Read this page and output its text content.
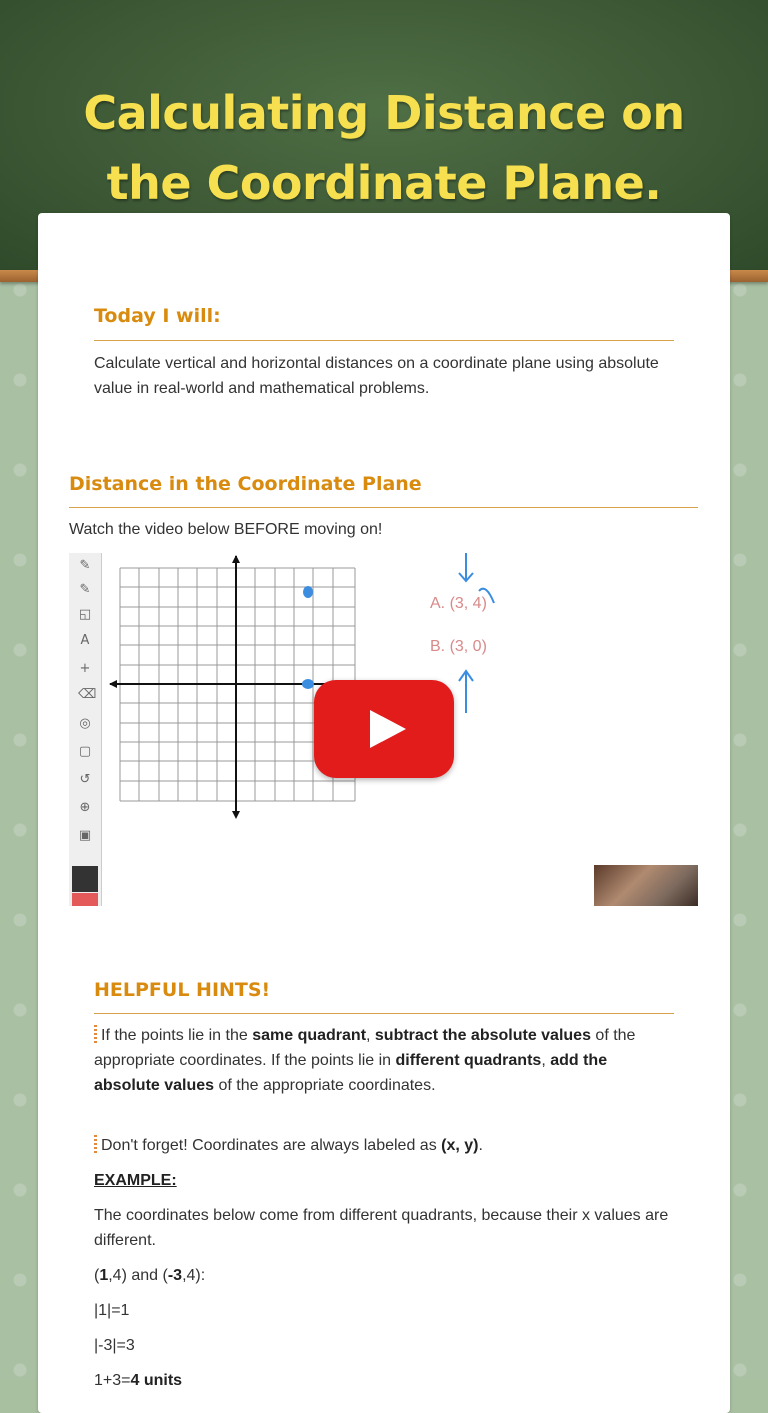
Calculating Distance on the Coordinate Plane.
Today I will:
Calculate vertical and horizontal distances on a coordinate plane using absolute value in real-world and mathematical problems.
Distance in the Coordinate Plane
Watch the video below BEFORE moving on!
✎
✎
◱
A
+
⌫
◎
▢
↺
⊕
▣
A. (3, 4)
B. (3, 0)
HELPFUL HINTS!
If the points lie in the same quadrant, subtract the absolute values of the appropriate coordinates. If the points lie in different quadrants, add the absolute values of the appropriate coordinates.
Don't forget! Coordinates are always labeled as (x, y).
EXAMPLE:
The coordinates below come from different quadrants, because their x values are different.
(1,4) and (-3,4):
|1|=1
|-3|=3
1+3=4 units
